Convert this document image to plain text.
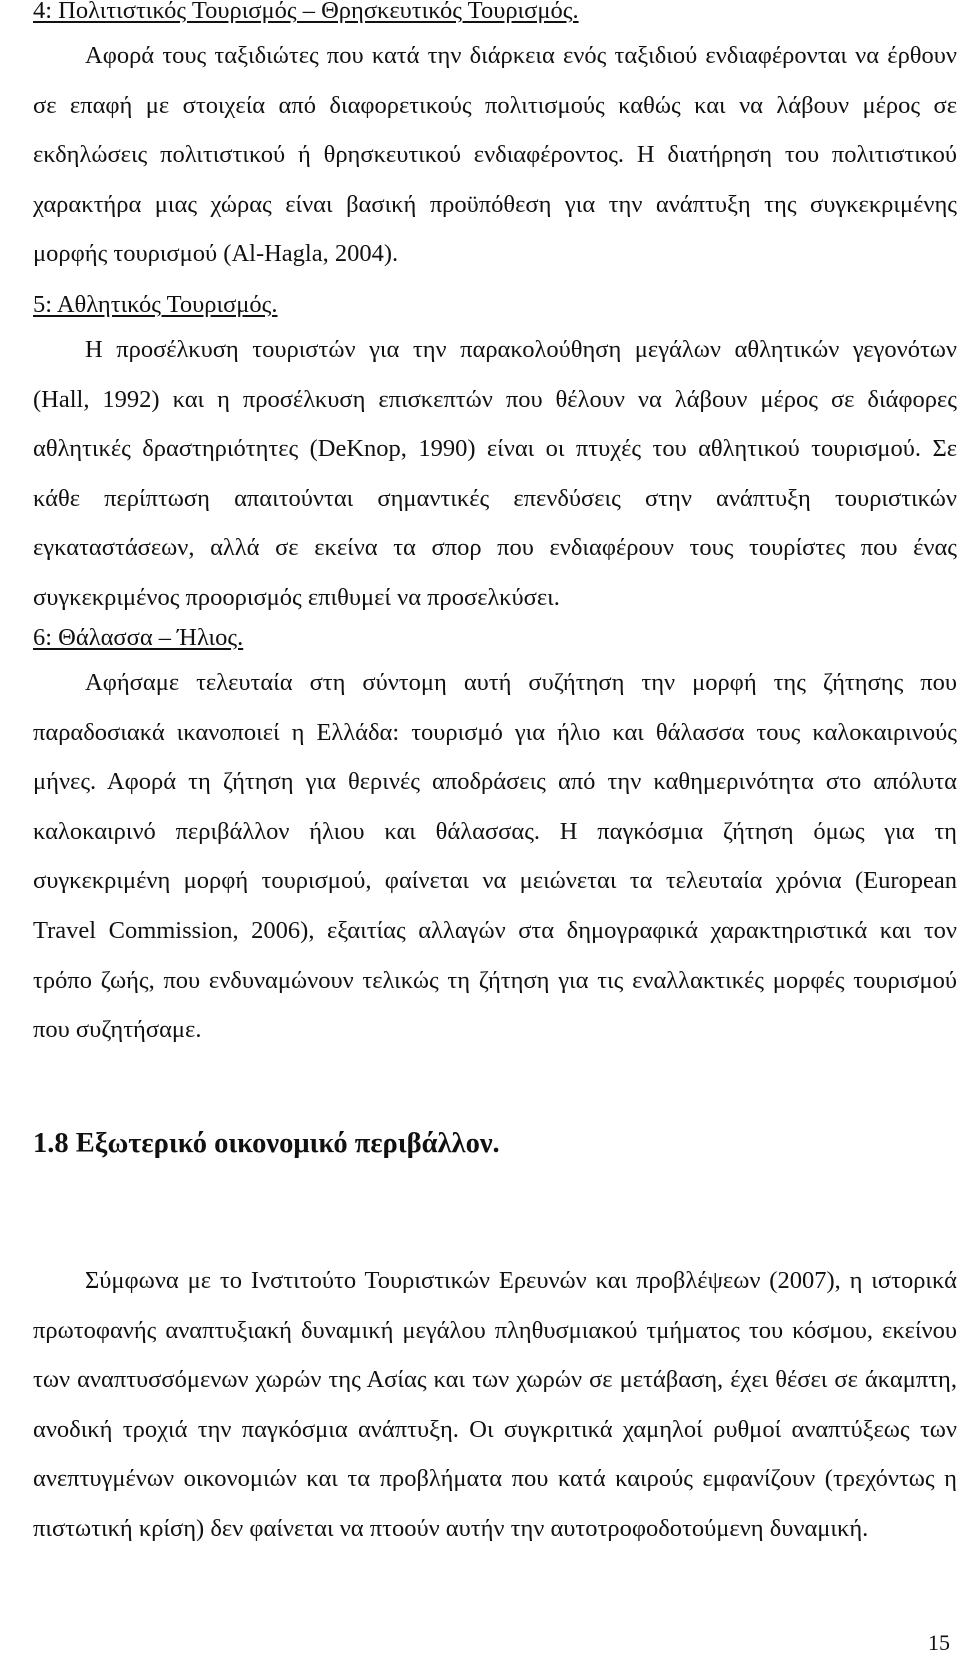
4: Πολιτιστικός Τουρισμός – Θρησκευτικός Τουρισμός.

Αφορά τους ταξιδιώτες που κατά την διάρκεια ενός ταξιδιού ενδιαφέρονται να έρθουν σε επαφή με στοιχεία από διαφορετικούς πολιτισμούς καθώς και να λάβουν μέρος σε εκδηλώσεις πολιτιστικού ή θρησκευτικού ενδιαφέροντος. Η διατήρηση του πολιτιστικού χαρακτήρα μιας χώρας είναι βασική προϋπόθεση για την ανάπτυξη της συγκεκριμένης μορφής τουρισμού (Al-Hagla, 2004).

5: Αθλητικός Τουρισμός.

Η προσέλκυση τουριστών για την παρακολούθηση μεγάλων αθλητικών γεγονότων (Hall, 1992) και η προσέλκυση επισκεπτών που θέλουν να λάβουν μέρος σε διάφορες αθλητικές δραστηριότητες (DeKnop, 1990) είναι οι πτυχές του αθλητικού τουρισμού. Σε κάθε περίπτωση απαιτούνται σημαντικές επενδύσεις στην ανάπτυξη τουριστικών εγκαταστάσεων, αλλά σε εκείνα τα σπορ που ενδιαφέρουν τους τουρίστες που ένας συγκεκριμένος προορισμός επιθυμεί να προσελκύσει.

6: Θάλασσα – Ήλιος.

Αφήσαμε τελευταία στη σύντομη αυτή συζήτηση την μορφή της ζήτησης που παραδοσιακά ικανοποιεί η Ελλάδα: τουρισμό για ήλιο και θάλασσα τους καλοκαιρινούς μήνες. Αφορά τη ζήτηση για θερινές αποδράσεις από την καθημερινότητα στο απόλυτα καλοκαιρινό περιβάλλον ήλιου και θάλασσας. Η παγκόσμια ζήτηση όμως για τη συγκεκριμένη μορφή τουρισμού, φαίνεται να μειώνεται τα τελευταία χρόνια (European Travel Commission, 2006), εξαιτίας αλλαγών στα δημογραφικά χαρακτηριστικά και τον τρόπο ζωής, που ενδυναμώνουν τελικώς τη ζήτηση για τις εναλλακτικές μορφές τουρισμού που συζητήσαμε.

1.8 Εξωτερικό οικονομικό περιβάλλον.

Σύμφωνα με το Ινστιτούτο Τουριστικών Ερευνών και προβλέψεων (2007), η ιστορικά πρωτοφανής αναπτυξιακή δυναμική μεγάλου πληθυσμιακού τμήματος του κόσμου, εκείνου των αναπτυσσόμενων χωρών της Ασίας και των χωρών σε μετάβαση, έχει θέσει σε άκαμπτη, ανοδική τροχιά την παγκόσμια ανάπτυξη. Οι συγκριτικά χαμηλοί ρυθμοί αναπτύξεως των ανεπτυγμένων οικονομιών και τα προβλήματα που κατά καιρούς εμφανίζουν (τρεχόντως η πιστωτική κρίση) δεν φαίνεται να πτοούν αυτήν την αυτοτροφοδοτούμενη δυναμική.

15
